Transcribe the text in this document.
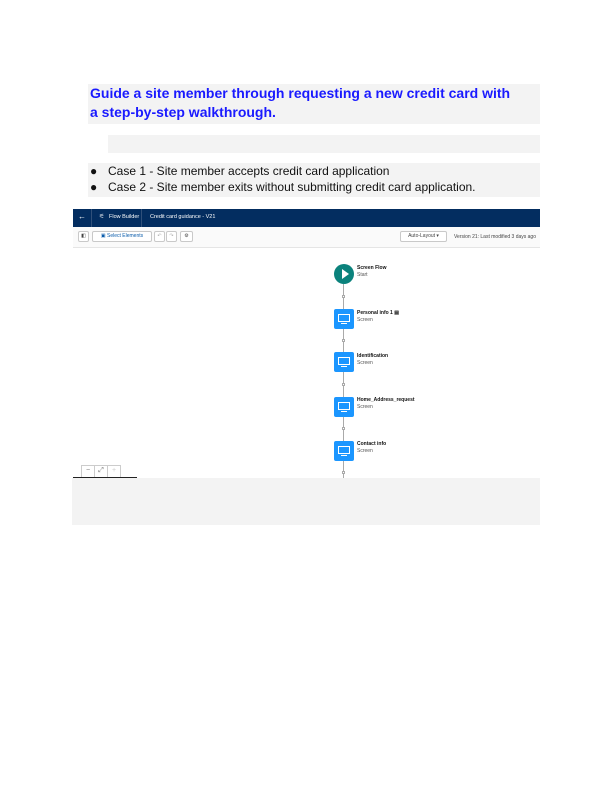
Guide a site member through requesting a new credit card with a step-by-step walkthrough.
● Case 1 - Site member accepts credit card application
● Case 2 - Site member exits without submitting credit card application.
← ⚟ Flow Builder Credit card guidance - V21
◧	▣ Select Elements	↶	↷	⚙	Auto-Layout ▾	Version 21: Last modified 3 days ago
Screen Flow
Start
Personal info 1 ▤
Screen
Identification
Screen
Home_Address_request
Screen
Contact info
Screen
−	⤢	+
